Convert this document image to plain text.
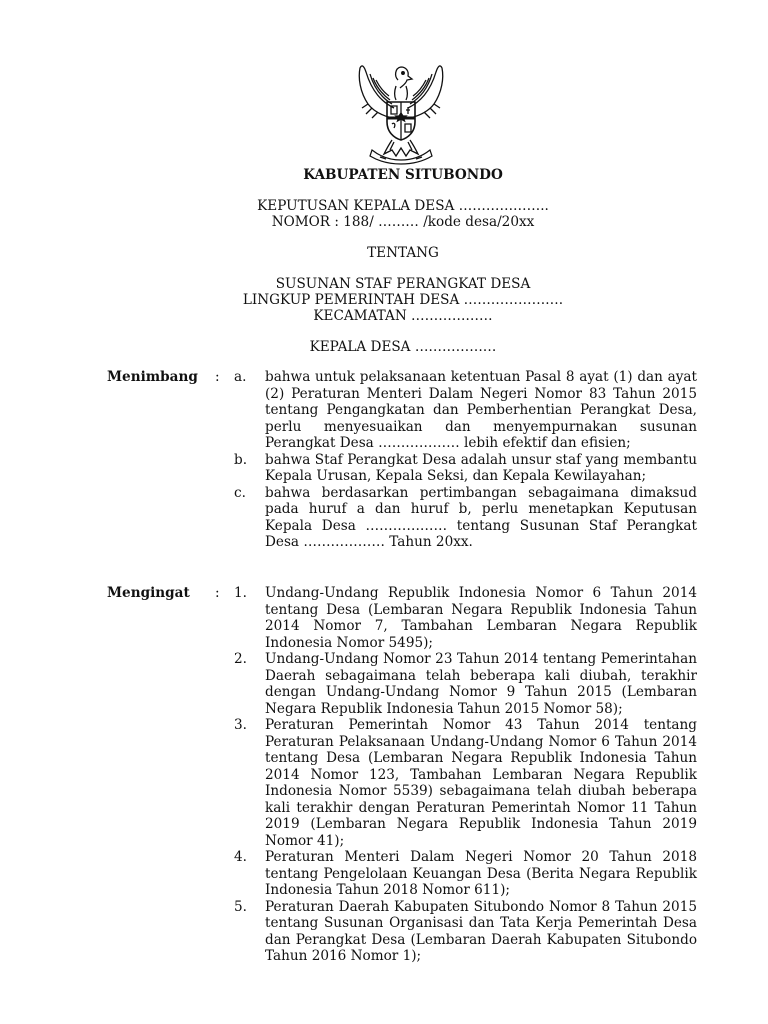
KABUPATEN SITUBONDO
KEPUTUSAN KEPALA DESA ………………..
NOMOR : 188/ ……… /kode desa/20xx
TENTANG
SUSUNAN STAF PERANGKAT DESA
LINGKUP PEMERINTAH DESA ………………….
KECAMATAN ………………
KEPALA DESA ………………
Menimbang : a. bahwa untuk pelaksanaan ketentuan Pasal 8 ayat (1) dan ayat (2) Peraturan Menteri Dalam Negeri Nomor 83 Tahun 2015 tentang Pengangkatan dan Pemberhentian Perangkat Desa, perlu menyesuaikan dan menyempurnakan susunan Perangkat Desa ……………… lebih efektif dan efisien;
b. bahwa Staf Perangkat Desa adalah unsur staf yang membantu Kepala Urusan, Kepala Seksi, dan Kepala Kewilayahan;
c. bahwa berdasarkan pertimbangan sebagaimana dimaksud pada huruf a dan huruf b, perlu menetapkan Keputusan Kepala Desa ……………… tentang Susunan Staf Perangkat Desa ……………… Tahun 20xx.
Mengingat : 1. Undang-Undang Republik Indonesia Nomor 6 Tahun 2014 tentang Desa (Lembaran Negara Republik Indonesia Tahun 2014 Nomor 7, Tambahan Lembaran Negara Republik Indonesia Nomor 5495);
2. Undang-Undang Nomor 23 Tahun 2014 tentang Pemerintahan Daerah sebagaimana telah beberapa kali diubah, terakhir dengan Undang-Undang Nomor 9 Tahun 2015 (Lembaran Negara Republik Indonesia Tahun 2015 Nomor 58);
3. Peraturan Pemerintah Nomor 43 Tahun 2014 tentang Peraturan Pelaksanaan Undang-Undang Nomor 6 Tahun 2014 tentang Desa (Lembaran Negara Republik Indonesia Tahun 2014 Nomor 123, Tambahan Lembaran Negara Republik Indonesia Nomor 5539) sebagaimana telah diubah beberapa kali terakhir dengan Peraturan Pemerintah Nomor 11 Tahun 2019 (Lembaran Negara Republik Indonesia Tahun 2019 Nomor 41);
4. Peraturan Menteri Dalam Negeri Nomor 20 Tahun 2018 tentang Pengelolaan Keuangan Desa (Berita Negara Republik Indonesia Tahun 2018 Nomor 611);
5. Peraturan Daerah Kabupaten Situbondo Nomor 8 Tahun 2015 tentang Susunan Organisasi dan Tata Kerja Pemerintah Desa dan Perangkat Desa (Lembaran Daerah Kabupaten Situbondo Tahun 2016 Nomor 1);
